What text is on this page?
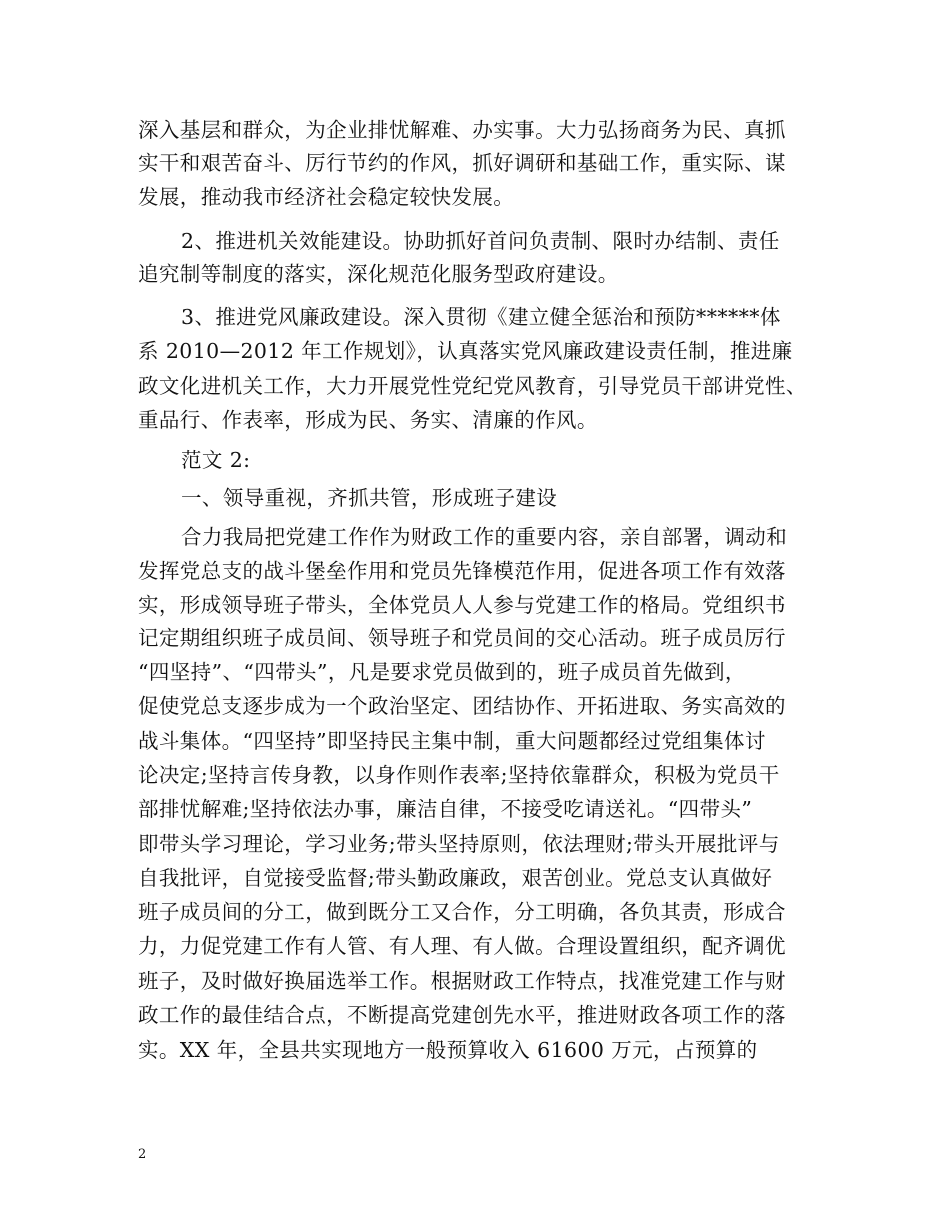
深入基层和群众，为企业排忧解难、办实事。大力弘扬商务为民、真抓
实干和艰苦奋斗、厉行节约的作风，抓好调研和基础工作，重实际、谋
发展，推动我市经济社会稳定较快发展。
2、推进机关效能建设。协助抓好首问负责制、限时办结制、责任
追究制等制度的落实，深化规范化服务型政府建设。
3、推进党风廉政建设。深入贯彻《建立健全惩治和预防******体
系 2010—2012 年工作规划》，认真落实党风廉政建设责任制，推进廉
政文化进机关工作，大力开展党性党纪党风教育，引导党员干部讲党性、
重品行、作表率，形成为民、务实、清廉的作风。
范文 2:
一、领导重视，齐抓共管，形成班子建设
合力我局把党建工作作为财政工作的重要内容，亲自部署，调动和
发挥党总支的战斗堡垒作用和党员先锋模范作用，促进各项工作有效落
实，形成领导班子带头，全体党员人人参与党建工作的格局。党组织书
记定期组织班子成员间、领导班子和党员间的交心活动。班子成员厉行
“四坚持”、“四带头”，凡是要求党员做到的，班子成员首先做到，
促使党总支逐步成为一个政治坚定、团结协作、开拓进取、务实高效的
战斗集体。“四坚持”即坚持民主集中制，重大问题都经过党组集体讨
论决定;坚持言传身教，以身作则作表率;坚持依靠群众，积极为党员干
部排忧解难;坚持依法办事，廉洁自律，不接受吃请送礼。“四带头”
即带头学习理论，学习业务;带头坚持原则，依法理财;带头开展批评与
自我批评，自觉接受监督;带头勤政廉政，艰苦创业。党总支认真做好
班子成员间的分工，做到既分工又合作，分工明确，各负其责，形成合
力，力促党建工作有人管、有人理、有人做。合理设置组织，配齐调优
班子，及时做好换届选举工作。根据财政工作特点，找准党建工作与财
政工作的最佳结合点，不断提高党建创先水平，推进财政各项工作的落
实。XX 年，全县共实现地方一般预算收入 61600 万元，占预算的
2
